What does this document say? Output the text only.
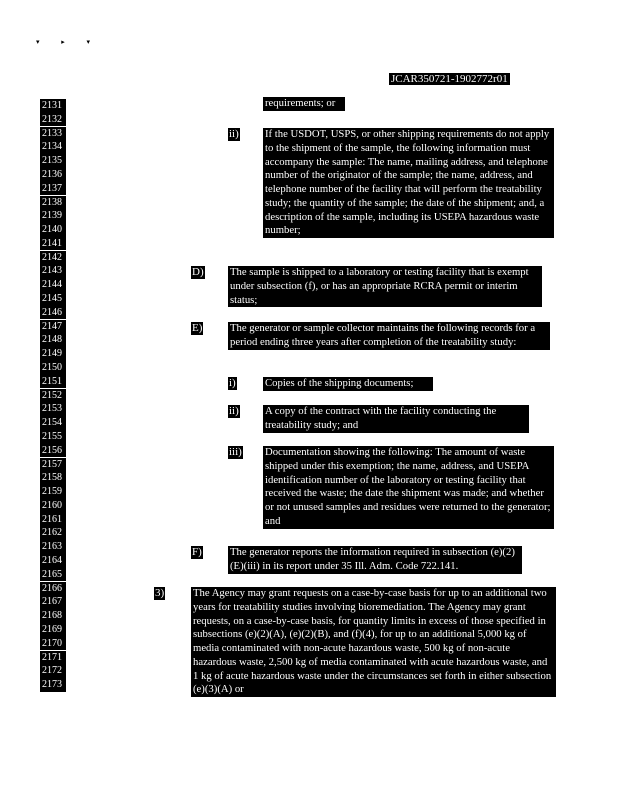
▾ ▸ ▾
JCAR350721-1902772r01
2131
2132
2133
2134
2135
2136
2137
2138
2139
2140
2141
2142
2143
2144
2145
2146
2147
2148
2149
2150
2151
2152
2153
2154
2155
2156
2157
2158
2159
2160
2161
2162
2163
2164
2165
2166
2167
2168
2169
2170
2171
2172
2173
requirements; or
ii) If the USDOT, USPS, or other shipping requirements do not apply to the shipment of the sample, the following information must accompany the sample: The name, mailing address, and telephone number of the originator of the sample; the name, address, and telephone number of the facility that will perform the treatability study; the quantity of the sample; the date of the shipment; and, a description of the sample, including its USEPA hazardous waste number;

D) The sample is shipped to a laboratory or testing facility that is exempt under subsection (f), or has an appropriate RCRA permit or interim status;

E)	The generator or sample collector maintains the following records for a period ending three years after completion of the treatability study:

i)	Copies of the shipping documents;

ii) A copy of the contract with the facility conducting the treatability study; and

iii) Documentation showing the following: The amount of waste shipped under this exemption; the name, address, and USEPA identification number of the laboratory or testing facility that received the waste; the date the shipment was made; and whether or not unused samples and residues were returned to the generator; and

F)	The generator reports the information required in subsection (e)(2)(E)(iii) in its report under 35 Ill. Adm. Code 722.141.

3)	The Agency may grant requests on a case-by-case basis for up to an additional two years for treatability studies involving bioremediation. The Agency may grant requests, on a case-by-case basis, for quantity limits in excess of those specified in subsections (e)(2)(A), (e)(2)(B), and (f)(4), for up to an additional 5,000 kg of media contaminated with non-acute hazardous waste, 500 kg of non-acute hazardous waste, 2,500 kg of media contaminated with acute hazardous waste, and 1 kg of acute hazardous waste under the circumstances set forth in either subsection (e)(3)(A) or
